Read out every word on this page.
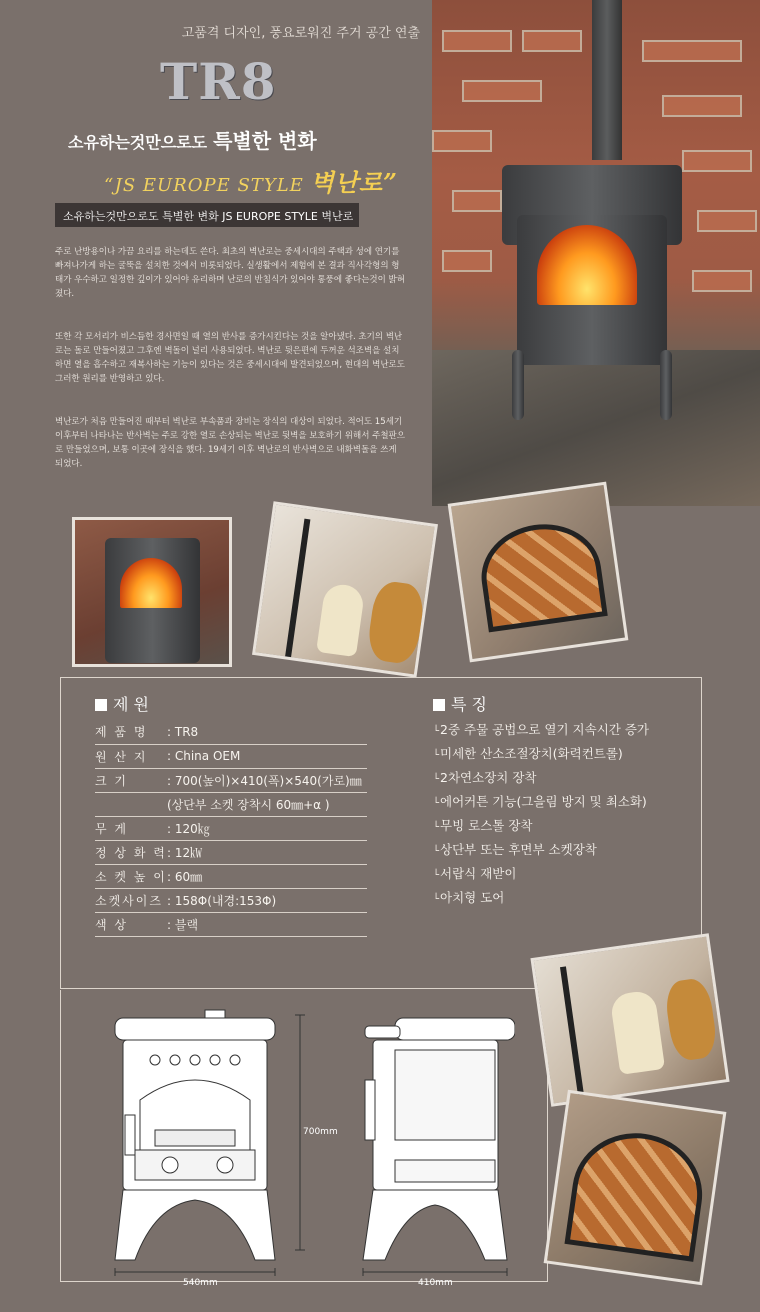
고품격 디자인, 풍요로워진 주거 공간 연출
TR8
소유하는것만으로도 특별한 변화
“JS EUROPE STYLE 벽난로”
소유하는것만으로도 특별한 변화 JS EUROPE STYLE 벽난로

주로 난방용이나 가끔 요리를 하는데도 쓴다. 최초의 벽난로는 중세시대의 주택과 성에 연기를 빠져나가게 하는 굴뚝을 설치한 것에서 비롯되었다. 실생활에서 제험에 본 결과 직사각형의 형태가 우수하고 일정한 깊이가 있어야 유리하며 난로의 반침식가 있어야 통풍에 좋다는것이 밝혀졌다.

또한 각 모서리가 비스듬한 경사면일 때 열의 반사를 증가시킨다는 것을 알아냈다. 초기의 벽난로는 돌로 만들어졌고 그후엔 벽돌이 널리 사용되었다. 벽난로 뒷은편에 두꺼운 석조벽을 설치하면 열을 흡수하고 재복사하는 기능이 있다는 것은 중세시대에 발견되었으며, 현대의 벽난로도 그러한 원리를 반영하고 있다.

벽난로가 처음 만들어진 때부터 벽난로 부속품과 장비는 장식의 대상이 되었다. 적어도 15세기 이후부터 나타나는 반사벽는 주로 강한 열로 손상되는 벽난로 뒷벽을 보호하기 위해서 주철판으로 만들었으며, 보통 이곳에 장식을 했다. 19세기 이후 벽난로의 반사벽으로 내화벽돌을 쓰게 되었다.

제 원
제 품 명	: TR8
원 산 지	: China OEM
크 기	: 700(높이)×410(폭)×540(가로)㎜
	(상단부 소켓 장착시 60㎜+α )
무 게	: 120㎏
정 상 화 력	: 12㎾
소 켓 높 이	: 60㎜
소켓사이즈	: 158Φ(내경:153Φ)
색 상	: 블랙
특 징
└ 2중 주물 공법으로 열기 지속시간 증가
└ 미세한 산소조절장치(화력컨트롤)
└ 2차연소장치 장착
└ 에어커튼 기능(그을림 방지 및 최소화)
└ 무빙 로스톨 장착
└ 상단부 또는 후면부 소켓장착
└ 서랍식 재받이
└ 아치형 도어
700mm
540mm	410mm
